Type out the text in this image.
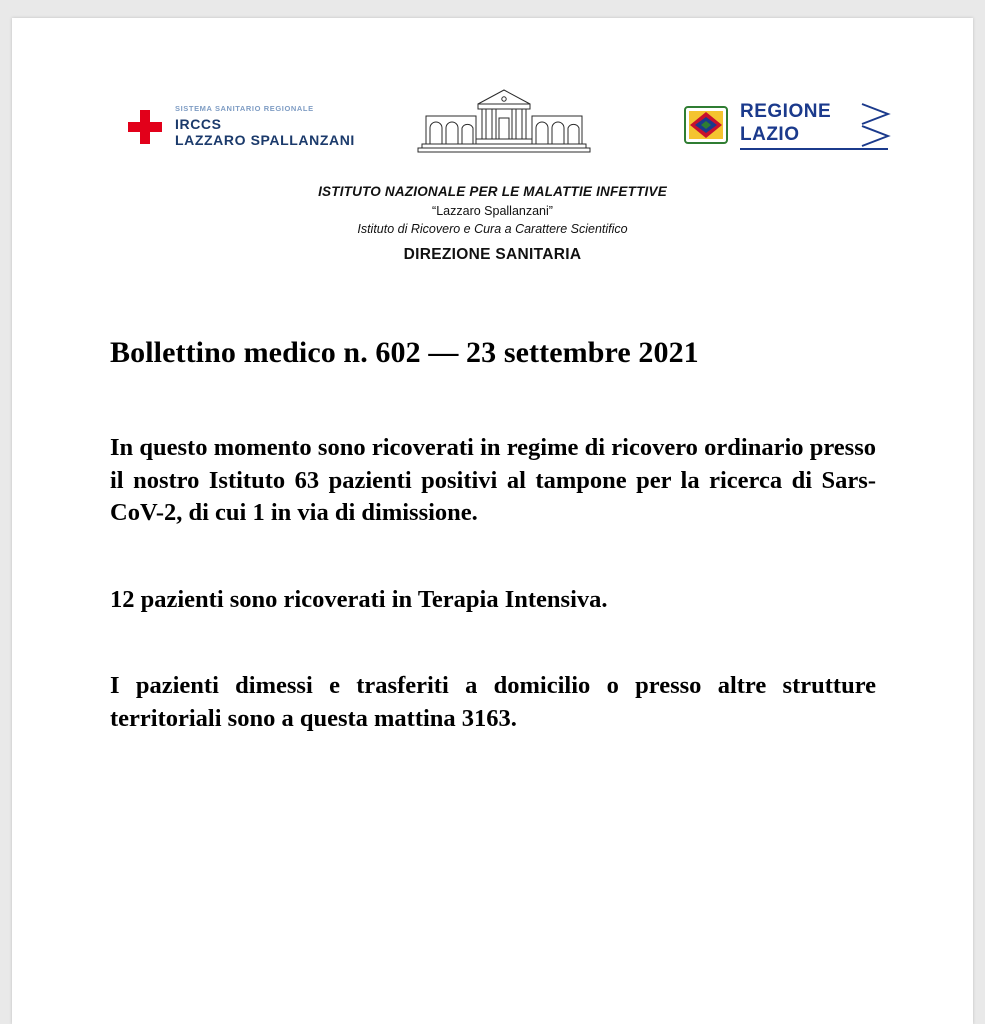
SISTEMA SANITARIO REGIONALE
IRCCS
LAZZARO SPALLANZANI
REGIONE
LAZIO
ISTITUTO NAZIONALE PER LE MALATTIE INFETTIVE
“Lazzaro Spallanzani”
Istituto di Ricovero e Cura a Carattere Scientifico
DIREZIONE SANITARIA
Bollettino medico n. 602 — 23 settembre 2021

In questo momento sono ricoverati in regime di ricovero ordinario presso il nostro Istituto 63 pazienti positivi al tampone per la ricerca di Sars-CoV-2, di cui 1 in via di dimissione.

12 pazienti sono ricoverati in Terapia Intensiva.

I pazienti dimessi e trasferiti a domicilio o presso altre strutture territoriali sono a questa mattina 3163.
